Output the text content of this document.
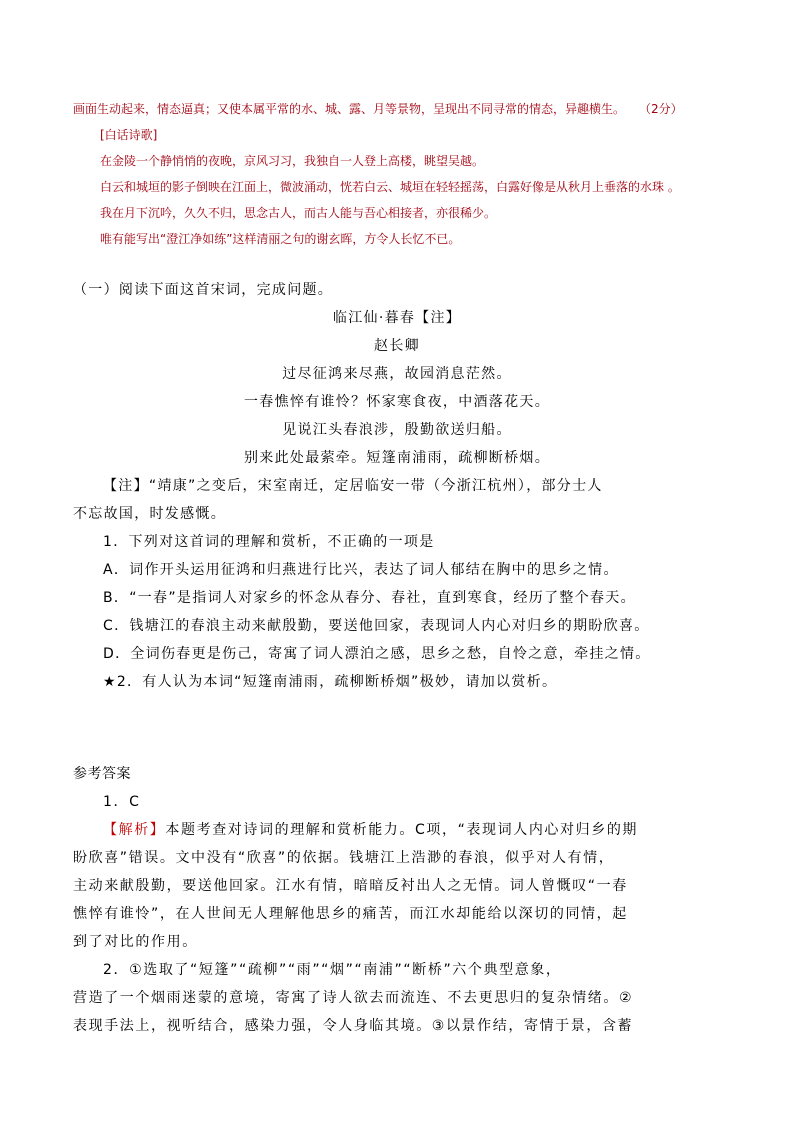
画面生动起来，情态逼真；又使本属平常的水、城、露、月等景物，呈现出不同寻常的情态，异趣横生。 （2分）
[白话诗歌]
在金陵一个静悄悄的夜晚，京风习习，我独自一人登上高楼，眺望吴越。
白云和城垣的影子倒映在江面上，微波涌动，恍若白云、城垣在轻轻摇荡，白露好像是从秋月上垂落的水珠 。
我在月下沉吟，久久不归，思念古人，而古人能与吾心相接者，亦很稀少。
唯有能写出“澄江净如练”这样清丽之句的谢玄晖，方令人长忆不已。
（一）阅读下面这首宋词，完成问题。
临江仙·暮春【注】
赵长卿
过尽征鸿来尽燕，故园消息茫然。
一春憔悴有谁怜？怀家寒食夜，中酒落花天。
见说江头春浪涉，殷勤欲送归船。
别来此处最萦牵。短篷南浦雨，疏柳断桥烟。
【注】“靖康”之变后，宋室南迁，定居临安一带（今浙江杭州），部分士人
不忘故国，时发感慨。
1．下列对这首词的理解和赏析，不正确的一项是
A．词作开头运用征鸿和归燕进行比兴，表达了词人郁结在胸中的思乡之情。
B．“一春”是指词人对家乡的怀念从春分、春社，直到寒食，经历了整个春天。
C．钱塘江的春浪主动来献殷勤，要送他回家，表现词人内心对归乡的期盼欣喜。
D．全词伤春更是伤己，寄寓了词人漂泊之感，思乡之愁，自怜之意，牵挂之情。
★2．有人认为本词“短篷南浦雨，疏柳断桥烟”极妙，请加以赏析。
参考答案
1．C
【解析】本题考查对诗词的理解和赏析能力。C项，“表现词人内心对归乡的期
盼欣喜”错误。文中没有“欣喜”的依据。钱塘江上浩渺的春浪，似乎对人有情，
主动来献殷勤，要送他回家。江水有情，暗暗反衬出人之无情。词人曾慨叹“一春
憔悴有谁怜”，在人世间无人理解他思乡的痛苦，而江水却能给以深切的同情，起
到了对比的作用。
2．①选取了“短篷”“疏柳”“雨”“烟”“南浦”“断桥”六个典型意象，
营造了一个烟雨迷蒙的意境，寄寓了诗人欲去而流连、不去更思归的复杂情绪。②
表现手法上，视听结合，感染力强，令人身临其境。③以景作结，寄情于景，含蓄
